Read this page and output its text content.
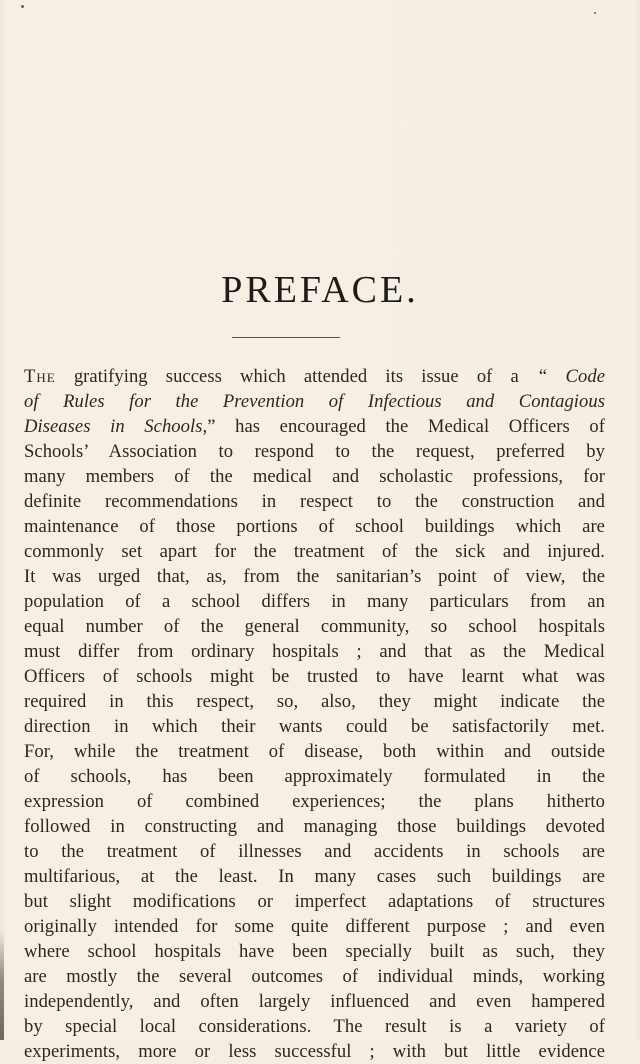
PREFACE.
The gratifying success which attended its issue of a “ Code
of Rules for the Prevention of Infectious and Contagious
Diseases in Schools,” has encouraged the Medical Officers of
Schools’ Association to respond to the request, preferred by
many members of the medical and scholastic professions, for
definite recommendations in respect to the construction and
maintenance of those portions of school buildings which are
commonly set apart for the treatment of the sick and injured.
It was urged that, as, from the sanitarian’s point of view, the
population of a school differs in many particulars from an
equal number of the general community, so school hospitals
must differ from ordinary hospitals ; and that as the Medical
Officers of schools might be trusted to have learnt what was
required in this respect, so, also, they might indicate the
direction in which their wants could be satisfactorily met.
For, while the treatment of disease, both within and outside
of schools, has been approximately formulated in the
expression of combined experiences; the plans hitherto
followed in constructing and managing those buildings devoted
to the treatment of illnesses and accidents in schools are
multifarious, at the least. In many cases such buildings are
but slight modifications or imperfect adaptations of structures
originally intended for some quite different purpose ; and even
where school hospitals have been specially built as such, they
are mostly the several outcomes of individual minds, working
independently, and often largely influenced and even hampered
by special local considerations. The result is a variety of
experiments, more or less successful ; with but little evidence
